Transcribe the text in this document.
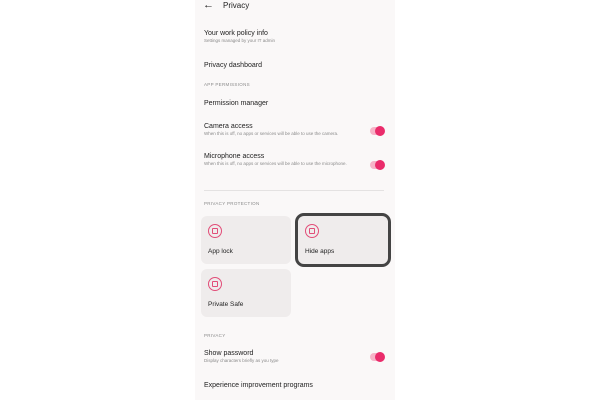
←	Privacy
Your work policy info
Settings managed by your IT admin
Privacy dashboard
APP PERMISSIONS
Permission manager
Camera access
When this is off, no apps or services will be able to use the camera.
Microphone access
When this is off, no apps or services will be able to use the microphone.
PRIVACY PROTECTION
App lock	Hide apps
Private Safe
PRIVACY
Show password
Display characters briefly as you type
Experience improvement programs
